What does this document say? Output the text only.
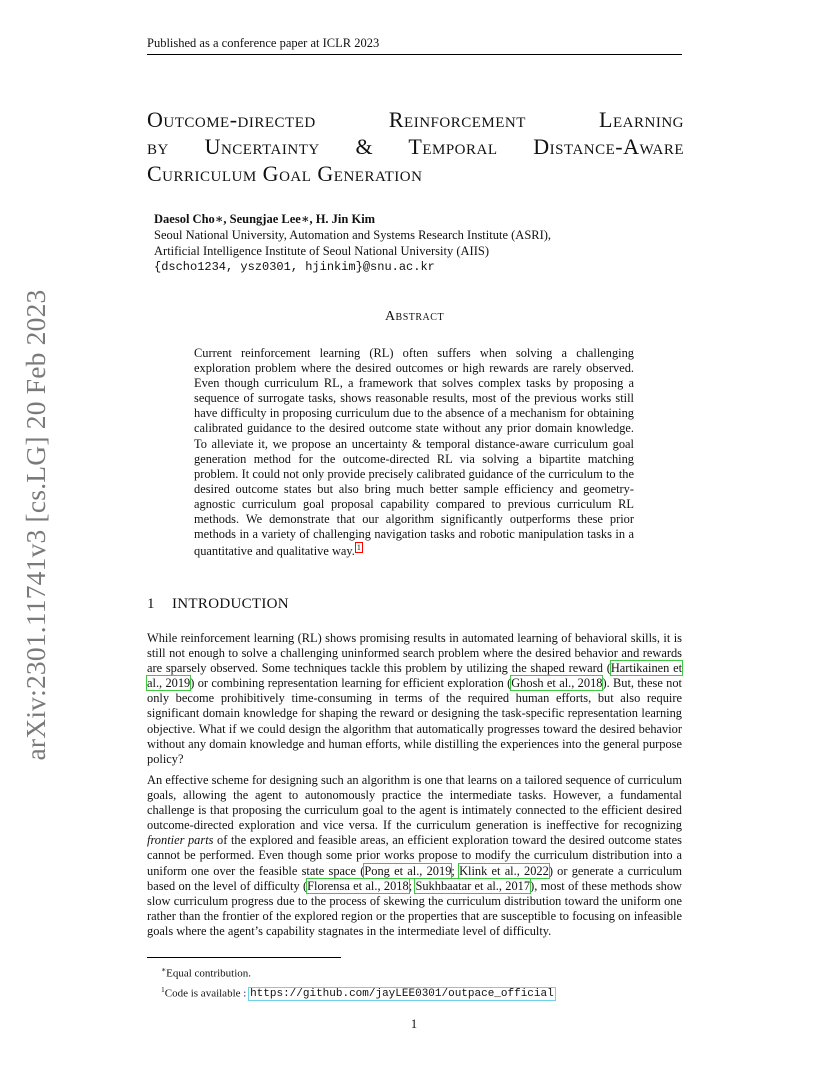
Published as a conference paper at ICLR 2023
arXiv:2301.11741v3 [cs.LG] 20 Feb 2023
Outcome-directed Reinforcement Learning
by Uncertainty & Temporal Distance-Aware
Curriculum Goal Generation
Daesol Cho∗, Seungjae Lee∗, H. Jin Kim
Seoul National University, Automation and Systems Research Institute (ASRI),
Artificial Intelligence Institute of Seoul National University (AIIS)
{dscho1234, ysz0301, hjinkim}@snu.ac.kr
Abstract

Current reinforcement learning (RL) often suffers when solving a challenging exploration problem where the desired outcomes or high rewards are rarely observed. Even though curriculum RL, a framework that solves complex tasks by proposing a sequence of surrogate tasks, shows reasonable results, most of the previous works still have difficulty in proposing curriculum due to the absence of a mechanism for obtaining calibrated guidance to the desired outcome state without any prior domain knowledge. To alleviate it, we propose an uncertainty & temporal distance-aware curriculum goal generation method for the outcome-directed RL via solving a bipartite matching problem. It could not only provide precisely calibrated guidance of the curriculum to the desired outcome states but also bring much better sample efficiency and geometry-agnostic curriculum goal proposal capability compared to previous curriculum RL methods. We demonstrate that our algorithm significantly outperforms these prior methods in a variety of challenging navigation tasks and robotic manipulation tasks in a quantitative and qualitative way. 1

1 INTRODUCTION

While reinforcement learning (RL) shows promising results in automated learning of behavioral skills, it is still not enough to solve a challenging uninformed search problem where the desired behavior and rewards are sparsely observed. Some techniques tackle this problem by utilizing the shaped reward (Hartikainen et al., 2019) or combining representation learning for efficient exploration (Ghosh et al., 2018). But, these not only become prohibitively time-consuming in terms of the required human efforts, but also require significant domain knowledge for shaping the reward or designing the task-specific representation learning objective. What if we could design the algorithm that automatically progresses toward the desired behavior without any domain knowledge and human efforts, while distilling the experiences into the general purpose policy?

An effective scheme for designing such an algorithm is one that learns on a tailored sequence of curriculum goals, allowing the agent to autonomously practice the intermediate tasks. However, a fundamental challenge is that proposing the curriculum goal to the agent is intimately connected to the efficient desired outcome-directed exploration and vice versa. If the curriculum generation is ineffective for recognizing frontier parts of the explored and feasible areas, an efficient exploration toward the desired outcome states cannot be performed. Even though some prior works propose to modify the curriculum distribution into a uniform one over the feasible state space (Pong et al., 2019; Klink et al., 2022) or generate a curriculum based on the level of difficulty (Florensa et al., 2018; Sukhbaatar et al., 2017), most of these methods show slow curriculum progress due to the process of skewing the curriculum distribution toward the uniform one rather than the frontier of the explored region or the properties that are susceptible to focusing on infeasible goals where the agent’s capability stagnates in the intermediate level of difficulty.

∗Equal contribution.
$^1$Code is available : https://github.com/jayLEE0301/outpace_official
1
